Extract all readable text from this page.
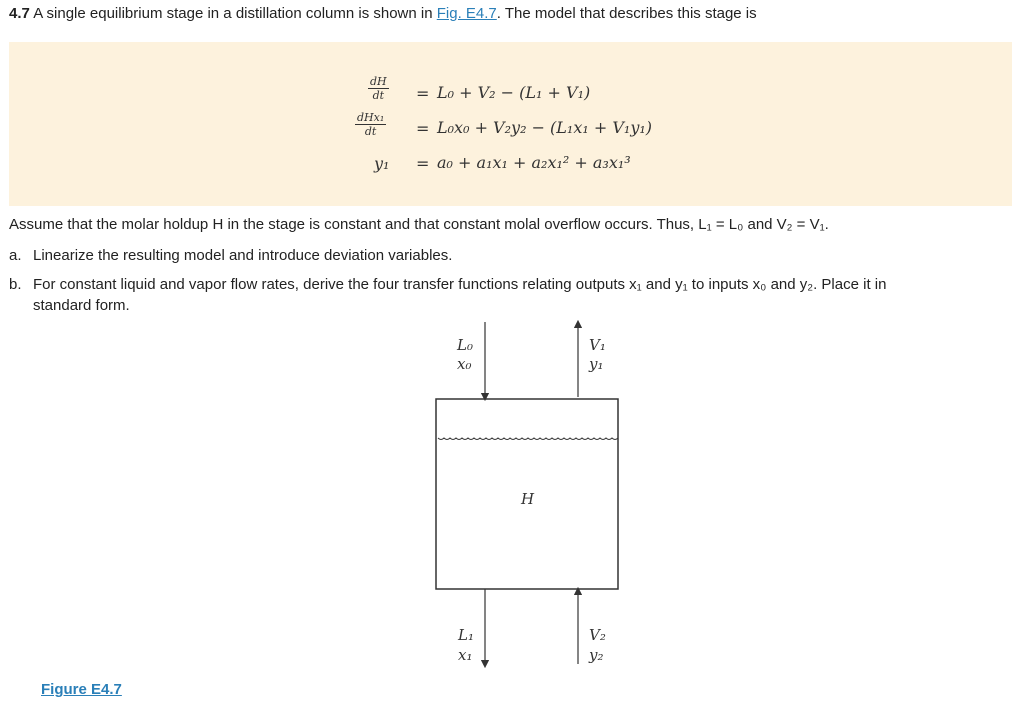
4.7 A single equilibrium stage in a distillation column is shown in Fig. E4.7. The model that describes this stage is
$\frac{dH}{dt} = L_0 + V_2 - (L_1 + V_1)$
dHx₁
dt	= L₀x₀ + V₂y₂ − (L₁x₁ + V₁y₁)
y₁ = a₀ + a₁x₁ + a₂x₁² + a₃x₁³
Assume that the molar holdup H in the stage is constant and that constant molal overflow occurs. Thus, L₁ = L₀ and V₂ = V₁.
a. Linearize the resulting model and introduce deviation variables.
b. For constant liquid and vapor flow rates, derive the four transfer functions relating outputs x₁ and y₁ to inputs x₀ and y₂. Place it in
standard form.
L₀
x₀
V₁
y₁
H
L₁
x₁
V₂
y₂
Figure E4.7
